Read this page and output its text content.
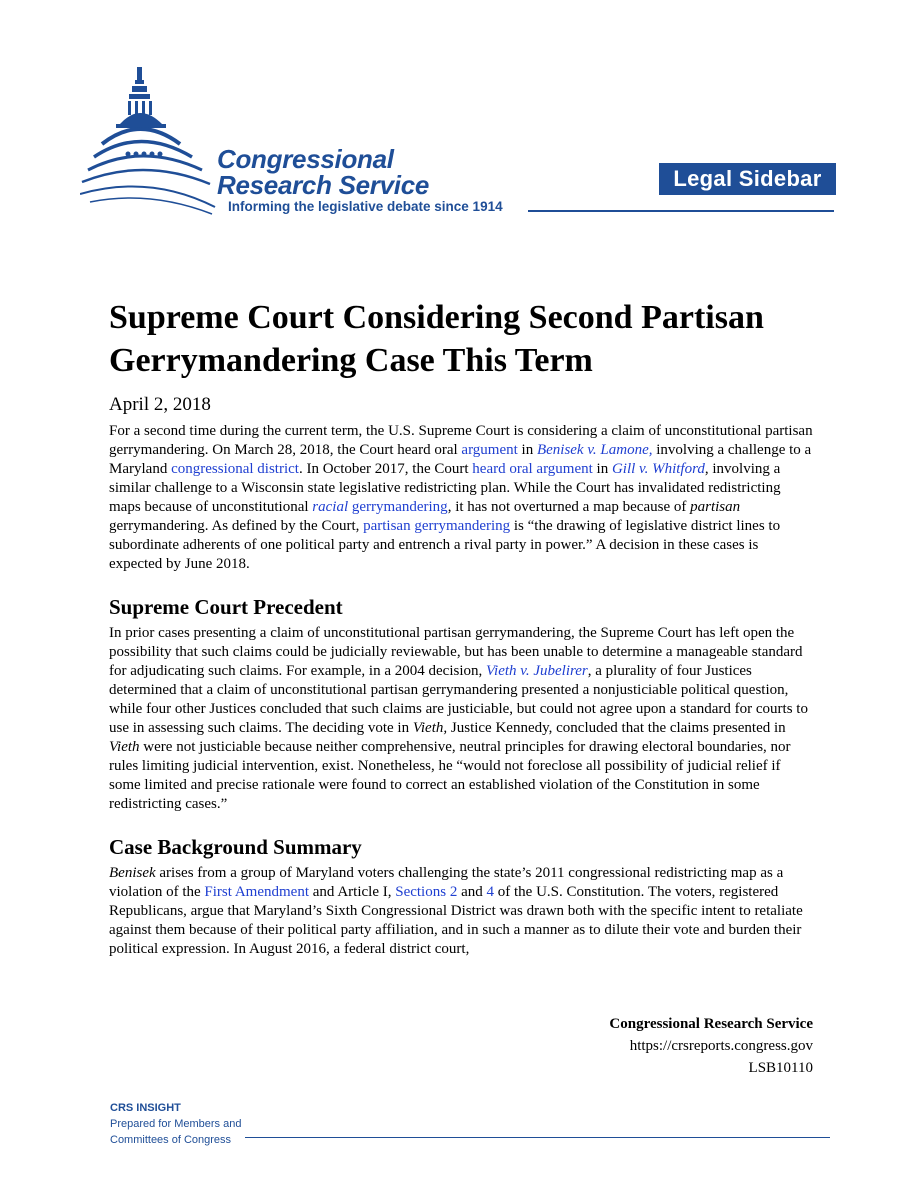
Congressional
Research Service
Informing the legislative debate since 1914
Legal Sidebar
Supreme Court Considering Second Partisan Gerrymandering Case This Term
April 2, 2018

For a second time during the current term, the U.S. Supreme Court is considering a claim of unconstitutional partisan gerrymandering. On March 28, 2018, the Court heard oral argument in Benisek v. Lamone, involving a challenge to a Maryland congressional district. In October 2017, the Court heard oral argument in Gill v. Whitford, involving a similar challenge to a Wisconsin state legislative redistricting plan. While the Court has invalidated redistricting maps because of unconstitutional racial gerrymandering, it has not overturned a map because of partisan gerrymandering. As defined by the Court, partisan gerrymandering is “the drawing of legislative district lines to subordinate adherents of one political party and entrench a rival party in power.” A decision in these cases is expected by June 2018.

Supreme Court Precedent

In prior cases presenting a claim of unconstitutional partisan gerrymandering, the Supreme Court has left open the possibility that such claims could be judicially reviewable, but has been unable to determine a manageable standard for adjudicating such claims. For example, in a 2004 decision, Vieth v. Jubelirer, a plurality of four Justices determined that a claim of unconstitutional partisan gerrymandering presented a nonjusticiable political question, while four other Justices concluded that such claims are justiciable, but could not agree upon a standard for courts to use in assessing such claims. The deciding vote in Vieth, Justice Kennedy, concluded that the claims presented in Vieth were not justiciable because neither comprehensive, neutral principles for drawing electoral boundaries, nor rules limiting judicial intervention, exist. Nonetheless, he “would not foreclose all possibility of judicial relief if some limited and precise rationale were found to correct an established violation of the Constitution in some redistricting cases.”

Case Background Summary

Benisek arises from a group of Maryland voters challenging the state’s 2011 congressional redistricting map as a violation of the First Amendment and Article I, Sections 2 and 4 of the U.S. Constitution. The voters, registered Republicans, argue that Maryland’s Sixth Congressional District was drawn both with the specific intent to retaliate against them because of their political party affiliation, and in such a manner as to dilute their vote and burden their political expression. In August 2016, a federal district court,

Congressional Research Service
https://crsreports.congress.gov
LSB10110
CRS INSIGHT
Prepared for Members and
Committees of Congress
